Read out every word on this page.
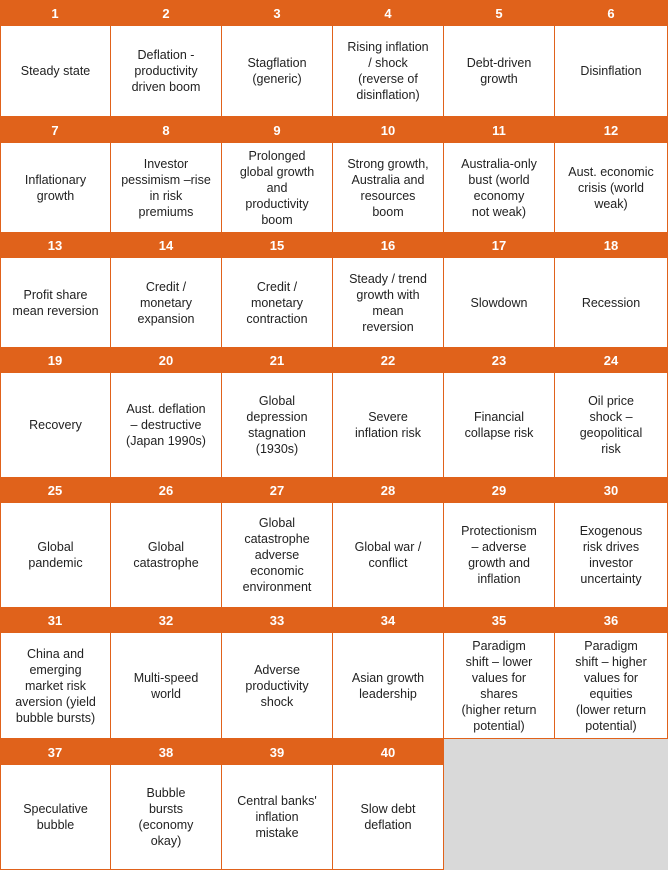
1
Steady state
2
Deflation -
productivity
driven boom
3
Stagflation
(generic)
4
Rising inflation
/ shock
(reverse of
disinflation)
5
Debt-driven
growth
6
Disinflation
7
Inflationary
growth
8
Investor
pessimism –rise
in risk
premiums
9
Prolonged
global growth
and
productivity
boom
10
Strong growth,
Australia and
resources
boom
11
Australia-only
bust (world
economy
not weak)
12
Aust. economic
crisis (world
weak)
13
Profit share
mean reversion
14
Credit /
monetary
expansion
15
Credit /
monetary
contraction
16
Steady / trend
growth with
mean
reversion
17
Slowdown
18
Recession
19
Recovery
20
Aust. deflation
– destructive
(Japan 1990s)
21
Global
depression
stagnation
(1930s)
22
Severe
inflation risk
23
Financial
collapse risk
24
Oil price
shock –
geopolitical
risk
25
Global
pandemic
26
Global
catastrophe
27
Global
catastrophe
adverse
economic
environment
28
Global war /
conflict
29
Protectionism
– adverse
growth and
inflation
30
Exogenous
risk drives
investor
uncertainty
31
China and
emerging
market risk
aversion (yield
bubble bursts)
32
Multi-speed
world
33
Adverse
productivity
shock
34
Asian growth
leadership
35
Paradigm
shift – lower
values for
shares
(higher return
potential)
36
Paradigm
shift – higher
values for
equities
(lower return
potential)
37
Speculative
bubble
38
Bubble
bursts
(economy
okay)
39
Central banks'
inflation
mistake
40
Slow debt
deflation
